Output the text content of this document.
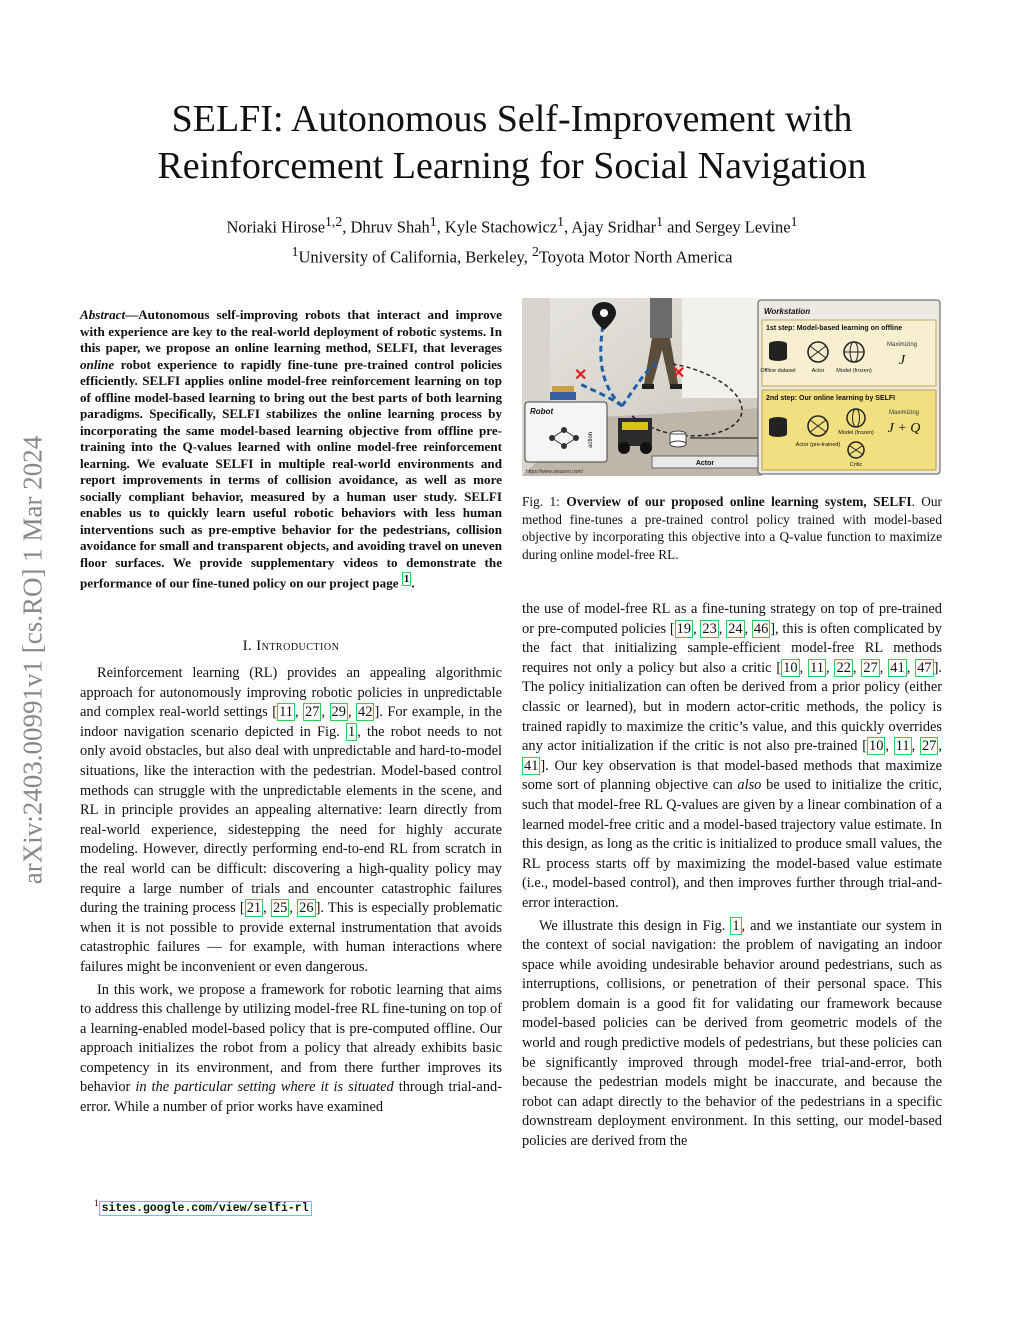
SELFI: Autonomous Self-Improvement with
Reinforcement Learning for Social Navigation
Noriaki Hirose$^{1,2}$, Dhruv Shah$^1$, Kyle Stachowicz$^1$, Ajay Sridhar$^1$ and Sergey Levine$^1$
$^1$University of California, Berkeley, $^2$Toyota Motor North America
arXiv:2403.00991v1 [cs.RO] 1 Mar 2024

Abstract—Autonomous self-improving robots that interact and improve with experience are key to the real-world deployment of robotic systems. In this paper, we propose an online learning method, SELFI, that leverages online robot experience to rapidly fine-tune pre-trained control policies efficiently. SELFI applies online model-free reinforcement learning on top of offline model-based learning to bring out the best parts of both learning paradigms. Specifically, SELFI stabilizes the online learning process by incorporating the same model-based learning objective from offline pre-training into the Q-values learned with online model-free reinforcement learning. We evaluate SELFI in multiple real-world environments and report improvements in terms of collision avoidance, as well as more socially compliant behavior, measured by a human user study. SELFI enables us to quickly learn useful robotic behaviors with less human interventions such as pre-emptive behavior for the pedestrians, collision avoidance for small and transparent objects, and avoiding travel on uneven floor surfaces. We provide supplementary videos to demonstrate the performance of our fine-tuned policy on our project page $^1$ .

I. Introduction

Reinforcement learning (RL) provides an appealing algorithmic approach for autonomously improving robotic policies in unpredictable and complex real-world settings [ 11 , 27 , 29 , 42 ]. For example, in the indoor navigation scenario depicted in Fig. 1 , the robot needs to not only avoid obstacles, but also deal with unpredictable and hard-to-model situations, like the interaction with the pedestrian. Model-based control methods can struggle with the unpredictable elements in the scene, and RL in principle provides an appealing alternative: learn directly from real-world experience, sidestepping the need for highly accurate modeling. However, directly performing end-to-end RL from scratch in the real world can be difficult: discovering a high-quality policy may require a large number of trials and encounter catastrophic failures during the training process [ 21 , 25 , 26 ]. This is especially problematic when it is not possible to provide external instrumentation that avoids catastrophic failures — for example, with human interactions where failures might be inconvenient or even dangerous.

In this work, we propose a framework for robotic learning that aims to address this challenge by utilizing model-free RL fine-tuning on top of a learning-enabled model-based policy that is pre-computed offline. Our approach initializes the robot from a policy that already exhibits basic competency in its environment, and from there further improves its behavior in the particular setting where it is situated through trial-and-error. While a number of prior works have examined

$^1$ sites.google.com/view/selfi-rl
✕	✕
Robot
action
Actor
https://www.amazon.com/
Workstation
1st step: Model-based learning on offline
Offline dataset	Actor Model (frozen)
Maximizing
J
2nd step: Our online learning by SELFI
Actor (pre-trained)
Model (frozen)
Critic
Maximizing
J + Q
Fig. 1: Overview of our proposed online learning system, SELFI. Our method fine-tunes a pre-trained control policy trained with model-based objective by incorporating this objective into a Q-value function to maximize during online model-free RL.

the use of model-free RL as a fine-tuning strategy on top of pre-trained or pre-computed policies [ 19 , 23 , 24 , 46 ], this is often complicated by the fact that initializing sample-efficient model-free RL methods requires not only a policy but also a critic [ 10 , 11 , 22 , 27 , 41 , 47 ]. The policy initialization can often be derived from a prior policy (either classic or learned), but in modern actor-critic methods, the policy is trained rapidly to maximize the critic’s value, and this quickly overrides any actor initialization if the critic is not also pre-trained [ 10 , 11 , 27 , 41 ]. Our key observation is that model-based methods that maximize some sort of planning objective can also be used to initialize the critic, such that model-free RL Q-values are given by a linear combination of a learned model-free critic and a model-based trajectory value estimate. In this design, as long as the critic is initialized to produce small values, the RL process starts off by maximizing the model-based value estimate (i.e., model-based control), and then improves further through trial-and-error interaction.

We illustrate this design in Fig. 1 , and we instantiate our system in the context of social navigation: the problem of navigating an indoor space while avoiding undesirable behavior around pedestrians, such as interruptions, collisions, or penetration of their personal space. This problem domain is a good fit for validating our framework because model-based policies can be derived from geometric models of the world and rough predictive models of pedestrians, but these policies can be significantly improved through model-free trial-and-error, both because the pedestrian models might be inaccurate, and because the robot can adapt directly to the behavior of the pedestrians in a specific downstream deployment environment. In this setting, our model-based policies are derived from the
